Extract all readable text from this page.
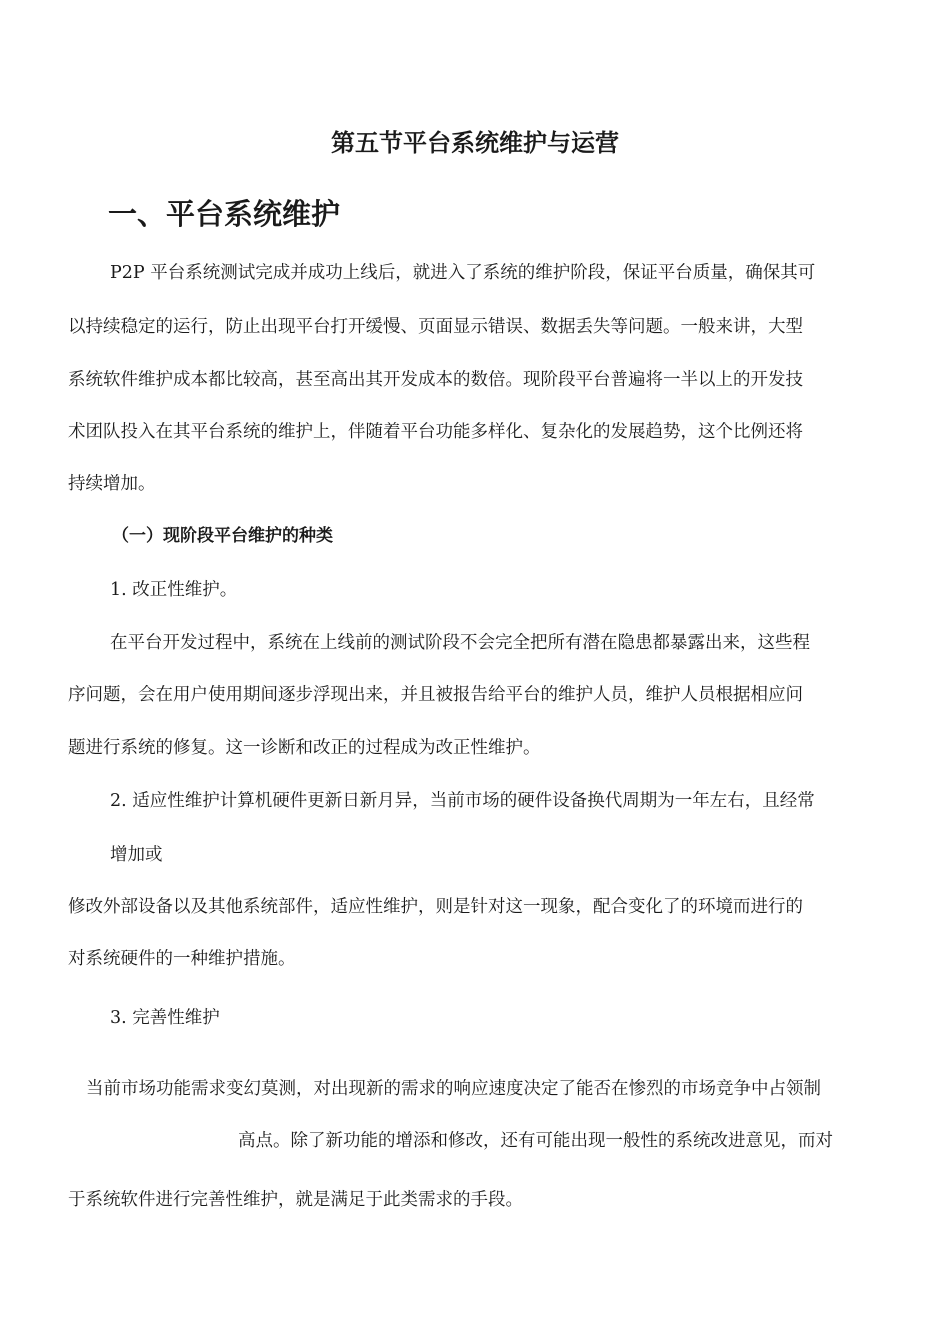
第五节平台系统维护与运营
一、平台系统维护
P2P 平台系统测试完成并成功上线后，就进入了系统的维护阶段，保证平台质量，确保其可
以持续稳定的运行，防止出现平台打开缓慢、页面显示错误、数据丢失等问题。一般来讲，大型
系统软件维护成本都比较高，甚至高出其开发成本的数倍。现阶段平台普遍将一半以上的开发技
术团队投入在其平台系统的维护上，伴随着平台功能多样化、复杂化的发展趋势，这个比例还将
持续增加。
（一）现阶段平台维护的种类
1. 改正性维护。
在平台开发过程中，系统在上线前的测试阶段不会完全把所有潜在隐患都暴露出来，这些程
序问题，会在用户使用期间逐步浮现出来，并且被报告给平台的维护人员，维护人员根据相应问
题进行系统的修复。这一诊断和改正的过程成为改正性维护。
2. 适应性维护计算机硬件更新日新月异，当前市场的硬件设备换代周期为一年左右，且经常
增加或
修改外部设备以及其他系统部件，适应性维护，则是针对这一现象，配合变化了的环境而进行的
对系统硬件的一种维护措施。
3. 完善性维护
当前市场功能需求变幻莫测，对出现新的需求的响应速度决定了能否在惨烈的市场竞争中占领制
高点。除了新功能的增添和修改，还有可能出现一般性的系统改进意见，而对
于系统软件进行完善性维护，就是满足于此类需求的手段。
